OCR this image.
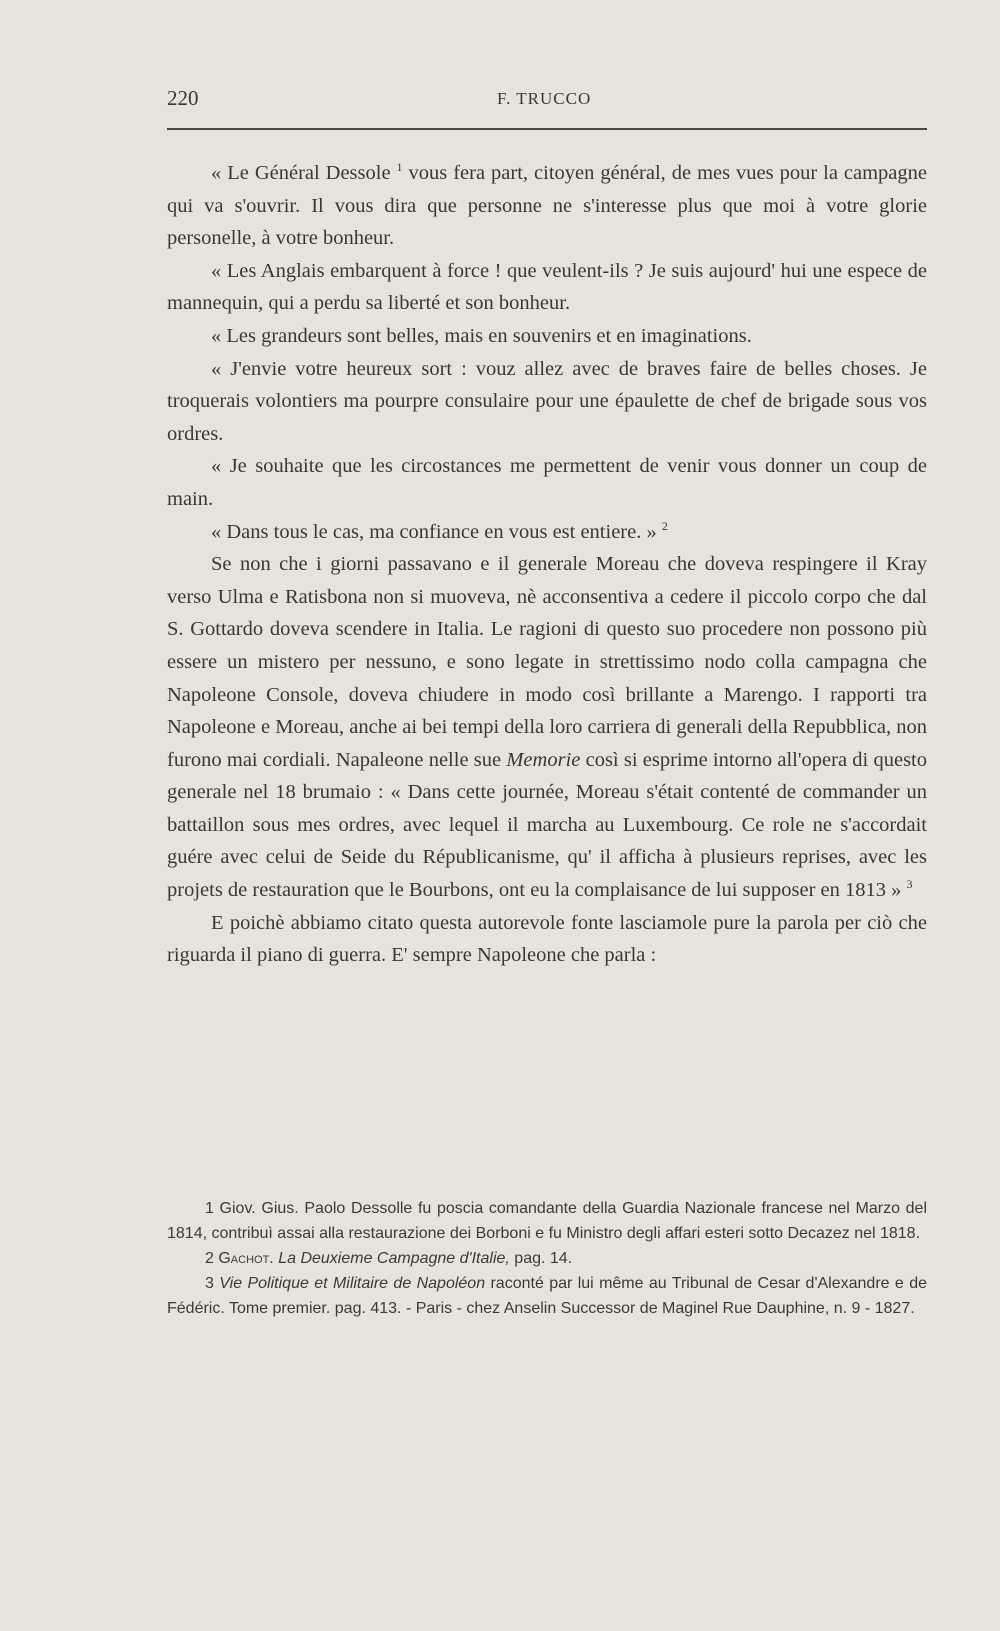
220	F. TRUCCO

« Le Général Dessole $^1$ vous fera part, citoyen général, de mes vues pour la campagne qui va s'ouvrir. Il vous dira que personne ne s'interesse plus que moi à votre glorie personelle, à votre bonheur.

« Les Anglais embarquent à force ! que veulent-ils ? Je suis aujourd' hui une espece de mannequin, qui a perdu sa liberté et son bonheur.

« Les grandeurs sont belles, mais en souvenirs et en imaginations.

« J'envie votre heureux sort : vouz allez avec de braves faire de belles choses. Je troquerais volontiers ma pourpre consulaire pour une épaulette de chef de brigade sous vos ordres.

« Je souhaite que les circostances me permettent de venir vous donner un coup de main.

« Dans tous le cas, ma confiance en vous est entiere. » $^2$

Se non che i giorni passavano e il generale Moreau che doveva respingere il Kray verso Ulma e Ratisbona non si muoveva, nè acconsentiva a cedere il piccolo corpo che dal S. Gottardo doveva scendere in Italia. Le ragioni di questo suo procedere non possono più essere un mistero per nessuno, e sono legate in strettissimo nodo colla campagna che Napoleone Console, doveva chiudere in modo così brillante a Marengo. I rapporti tra Napoleone e Moreau, anche ai bei tempi della loro carriera di generali della Repubblica, non furono mai cordiali. Napaleone nelle sue Memorie così si esprime intorno all'opera di questo generale nel 18 brumaio : « Dans cette journée, Moreau s'était contenté de commander un battaillon sous mes ordres, avec lequel il marcha au Luxembourg. Ce role ne s'accordait guére avec celui de Seide du Républicanisme, qu' il afficha à plusieurs reprises, avec les projets de restauration que le Bourbons, ont eu la complaisance de lui supposer en 1813 » $^3$

E poichè abbiamo citato questa autorevole fonte lasciamole pure la parola per ciò che riguarda il piano di guerra. E' sempre Napoleone che parla :

1 Giov. Gius. Paolo Dessolle fu poscia comandante della Guardia Nazionale francese nel Marzo del 1814, contribuì assai alla restaurazione dei Borboni e fu Ministro degli affari esteri sotto Decazez nel 1818.

2 Gachot. La Deuxieme Campagne d'Italie, pag. 14.

3 Vie Politique et Militaire de Napoléon raconté par lui même au Tribunal de Cesar d'Alexandre e de Fédéric. Tome premier. pag. 413. - Paris - chez Anselin Successor de Maginel Rue Dauphine, n. 9 - 1827.
